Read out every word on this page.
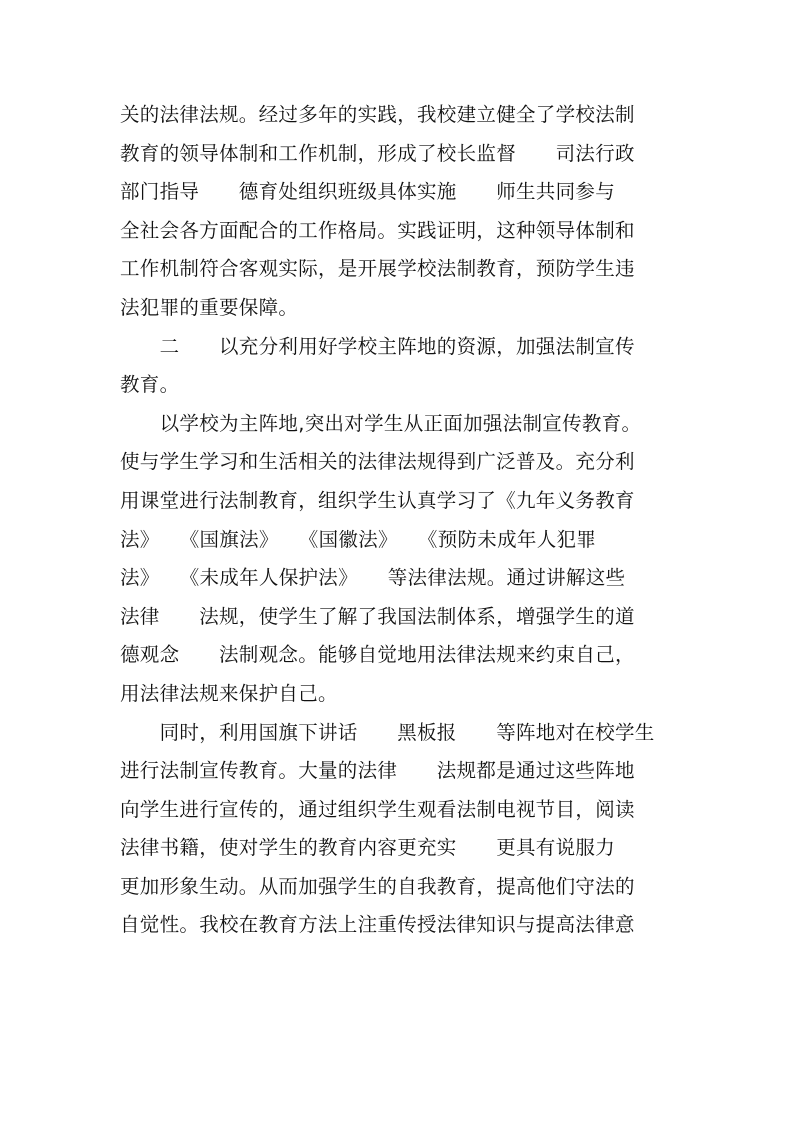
关的法律法规。经过多年的实践，我校建立健全了学校法制
教育的领导体制和工作机制，形成了校长监督　　司法行政
部门指导　　德育处组织班级具体实施　　师生共同参与
全社会各方面配合的工作格局。实践证明，这种领导体制和
工作机制符合客观实际，是开展学校法制教育，预防学生违
法犯罪的重要保障。
　　二　　以充分利用好学校主阵地的资源，加强法制宣传
教育。
　　以学校为主阵地,突出对学生从正面加强法制宣传教育。
使与学生学习和生活相关的法律法规得到广泛普及。充分利
用课堂进行法制教育，组织学生认真学习了《九年义务教育
法》　　《国旗法》　　《国徽法》　　《预防未成年人犯罪
法》　　《未成年人保护法》　　等法律法规。通过讲解这些
法律　　法规，使学生了解了我国法制体系，增强学生的道
德观念　　法制观念。能够自觉地用法律法规来约束自己，
用法律法规来保护自己。
　　同时，利用国旗下讲话　　黑板报　　等阵地对在校学生
进行法制宣传教育。大量的法律　　法规都是通过这些阵地
向学生进行宣传的，通过组织学生观看法制电视节目，阅读
法律书籍，使对学生的教育内容更充实　　更具有说服力
更加形象生动。从而加强学生的自我教育，提高他们守法的
自觉性。我校在教育方法上注重传授法律知识与提高法律意
